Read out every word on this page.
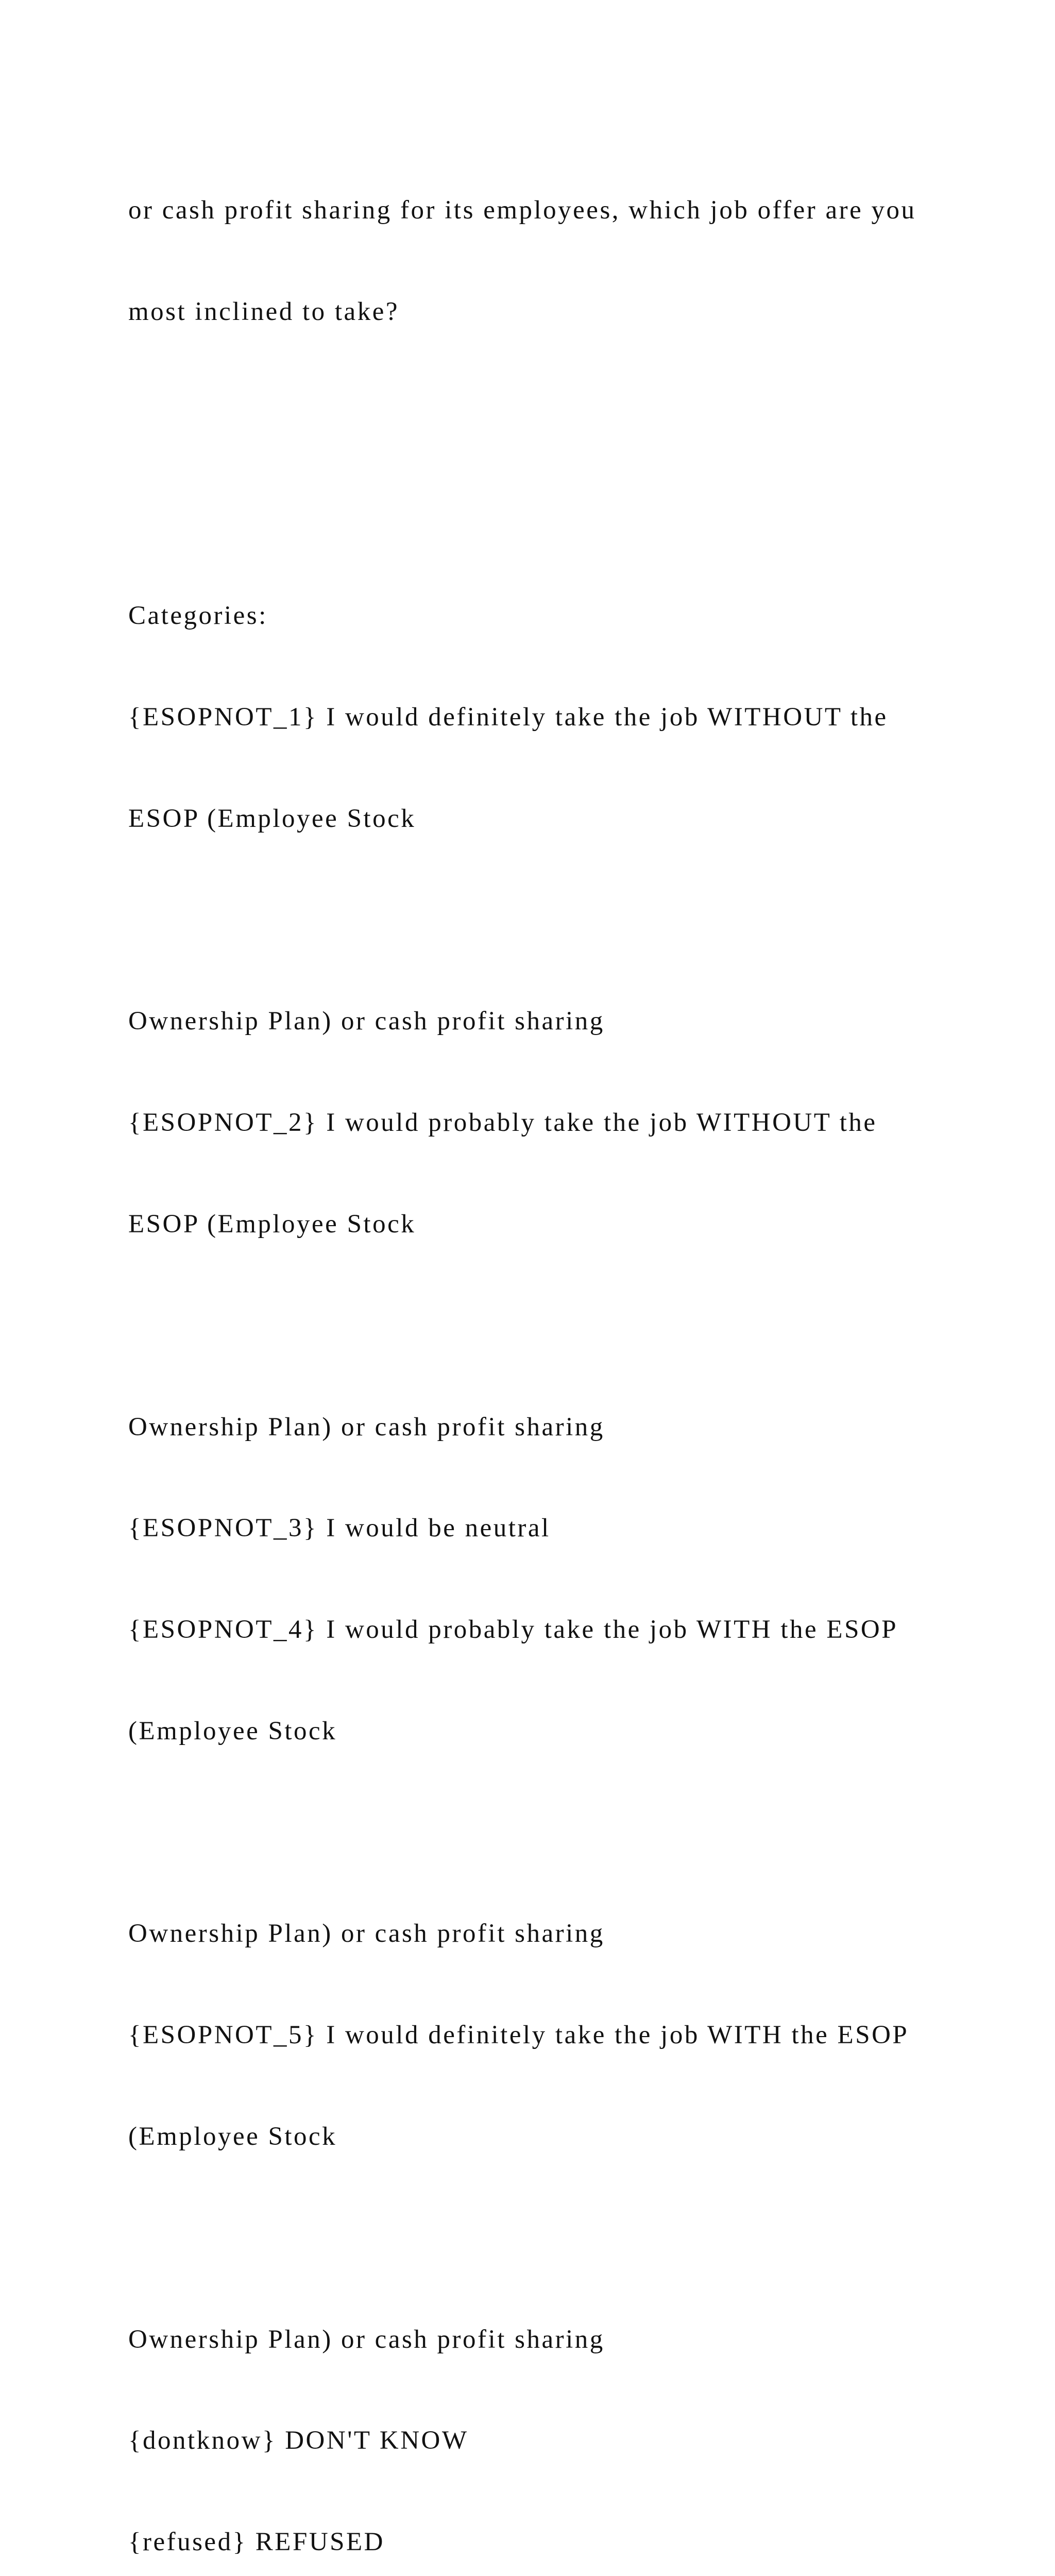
or cash profit sharing for its employees, which job offer are you

most inclined to take?

Categories:

{ESOPNOT_1} I would definitely take the job WITHOUT the

ESOP (Employee Stock

Ownership Plan) or cash profit sharing

{ESOPNOT_2} I would probably take the job WITHOUT the

ESOP (Employee Stock

Ownership Plan) or cash profit sharing

{ESOPNOT_3} I would be neutral

{ESOPNOT_4} I would probably take the job WITH the ESOP

(Employee Stock

Ownership Plan) or cash profit sharing

{ESOPNOT_5} I would definitely take the job WITH the ESOP

(Employee Stock

Ownership Plan) or cash profit sharing

{dontknow} DON'T KNOW

{refused} REFUSED
